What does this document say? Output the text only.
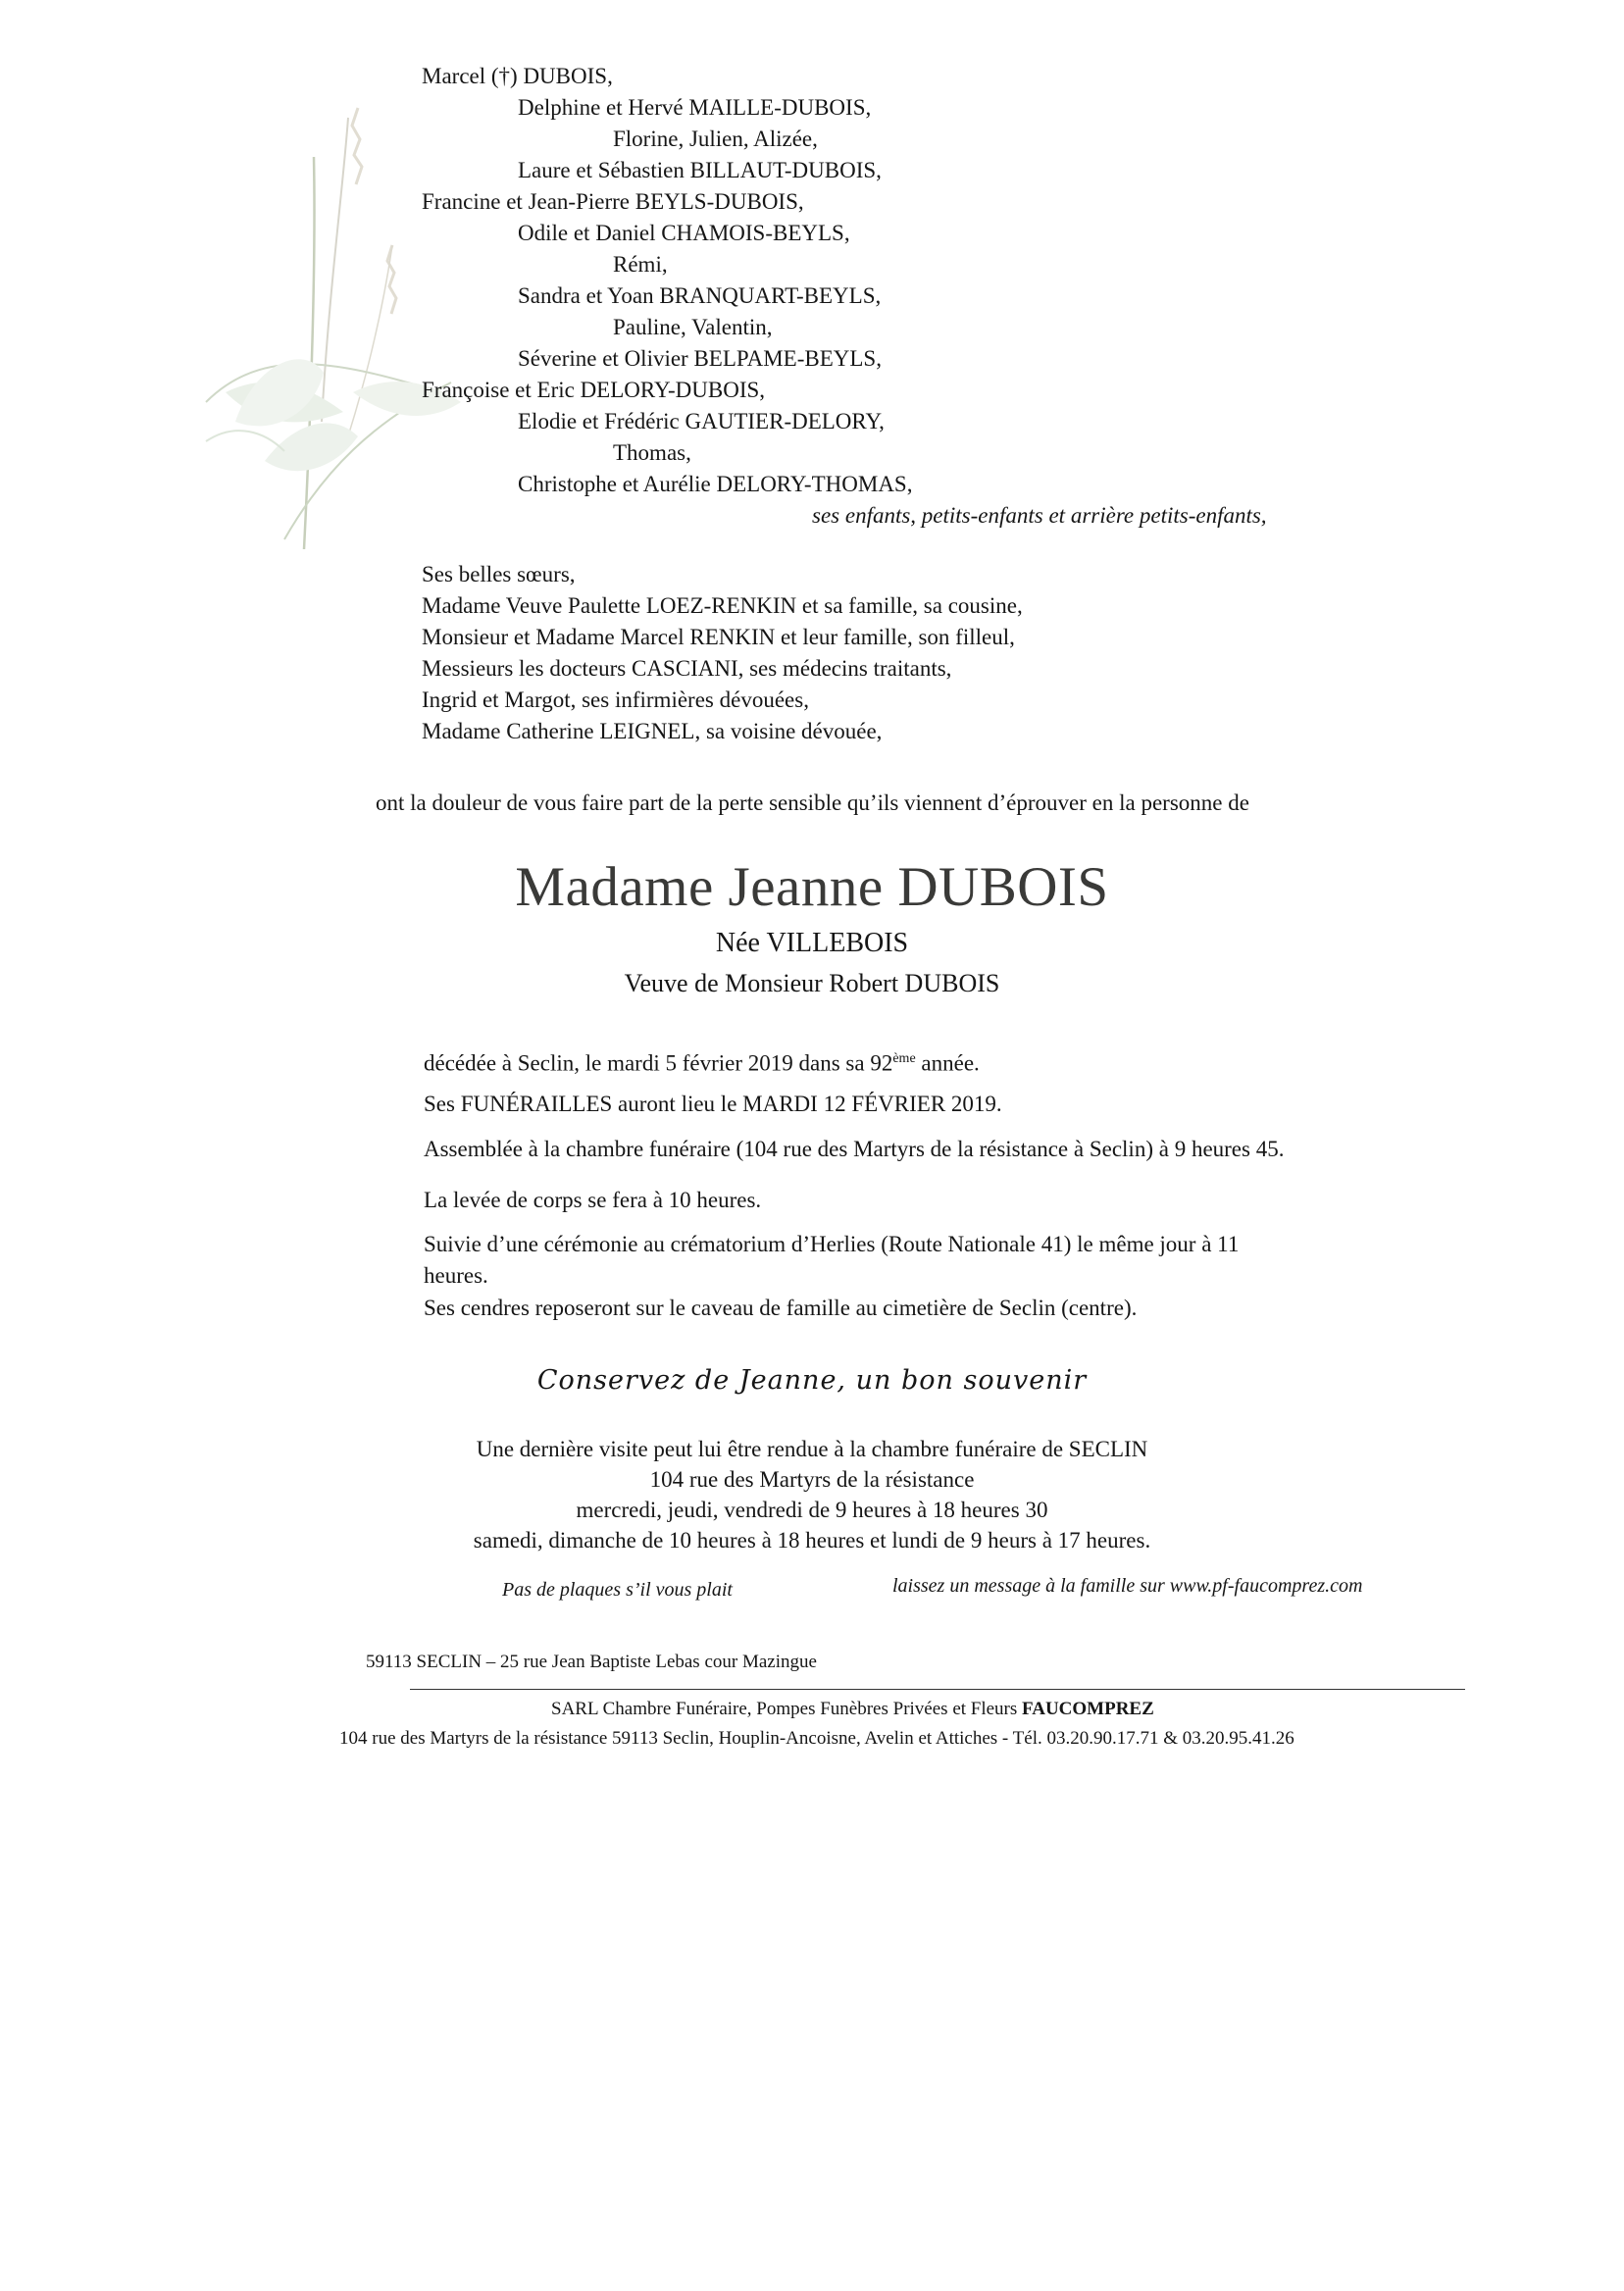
Marcel (†) DUBOIS,
Delphine et Hervé MAILLE-DUBOIS,
Florine, Julien, Alizée,
Laure et Sébastien BILLAUT-DUBOIS,
Francine et Jean-Pierre BEYLS-DUBOIS,
Odile et Daniel CHAMOIS-BEYLS,
Rémi,
Sandra et Yoan BRANQUART-BEYLS,
Pauline, Valentin,
Séverine et Olivier BELPAME-BEYLS,
Françoise et Eric DELORY-DUBOIS,
Elodie et Frédéric GAUTIER-DELORY,
Thomas,
Christophe et Aurélie DELORY-THOMAS,
ses enfants, petits-enfants et arrière petits-enfants,
Ses belles sœurs,
Madame Veuve Paulette LOEZ-RENKIN et sa famille, sa cousine,
Monsieur et Madame Marcel RENKIN et leur famille, son filleul,
Messieurs les docteurs CASCIANI, ses médecins traitants,
Ingrid et Margot, ses infirmières dévouées,
Madame Catherine LEIGNEL, sa voisine dévouée,
ont la douleur de vous faire part de la perte sensible qu’ils viennent d’éprouver en la personne de
Madame Jeanne DUBOIS
Née VILLEBOIS
Veuve de Monsieur Robert DUBOIS
décédée à Seclin, le mardi 5 février 2019 dans sa 92ème année.
Ses FUNÉRAILLES auront lieu le MARDI 12 FÉVRIER 2019.
Assemblée à la chambre funéraire (104 rue des Martyrs de la résistance à Seclin) à 9 heures 45.
La levée de corps se fera à 10 heures.
Suivie d’une cérémonie au crématorium d’Herlies (Route Nationale 41) le même jour à 11
heures.
Ses cendres reposeront sur le caveau de famille au cimetière de Seclin (centre).
Conservez de Jeanne, un bon souvenir
Une dernière visite peut lui être rendue à la chambre funéraire de SECLIN
104 rue des Martyrs de la résistance
mercredi, jeudi, vendredi de 9 heures à 18 heures 30
samedi, dimanche de 10 heures à 18 heures et lundi de 9 heurs à 17 heures.
Pas de plaques s’il vous plait	laissez un message à la famille sur www.pf-faucomprez.com
59113 SECLIN – 25 rue Jean Baptiste Lebas cour Mazingue
SARL Chambre Funéraire, Pompes Funèbres Privées et Fleurs FAUCOMPREZ
104 rue des Martyrs de la résistance 59113 Seclin, Houplin-Ancoisne, Avelin et Attiches - Tél. 03.20.90.17.71 & 03.20.95.41.26
